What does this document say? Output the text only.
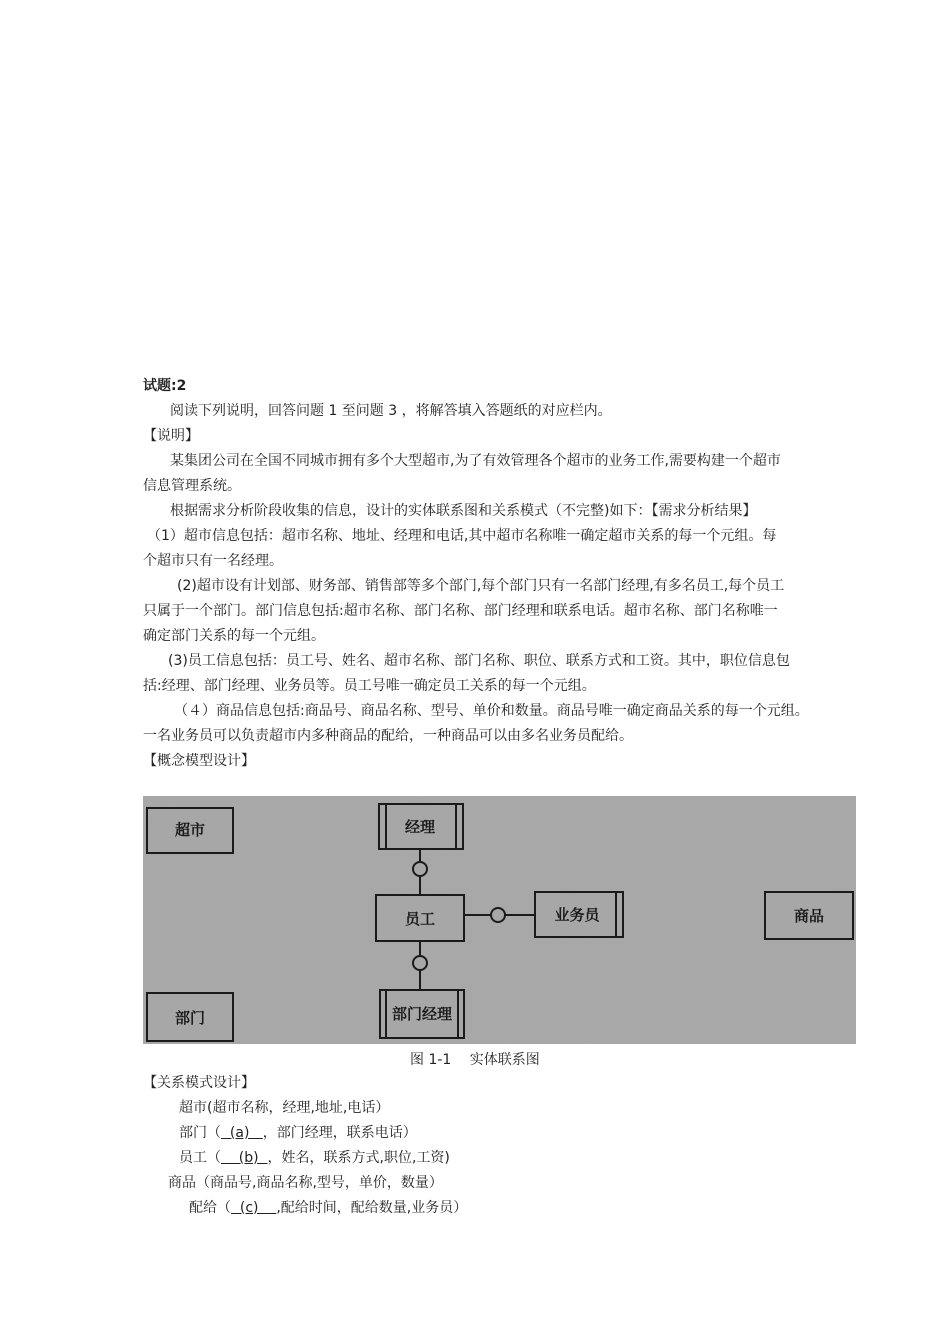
试题:2
阅读下列说明，回答问题 1 至问题 3 ，将解答填入答题纸的对应栏内。
【说明】
某集团公司在全国不同城市拥有多个大型超市,为了有效管理各个超市的业务工作,需要构建一个超市
信息管理系统。
根据需求分析阶段收集的信息，设计的实体联系图和关系模式（不完整)如下：【需求分析结果】
（1）超市信息包括：超市名称、地址、经理和电话,其中超市名称唯一确定超市关系的每一个元组。每
个超市只有一名经理。
(2)超市设有计划部、财务部、销售部等多个部门,每个部门只有一名部门经理,有多名员工,每个员工
只属于一个部门。部门信息包括:超市名称、部门名称、部门经理和联系电话。超市名称、部门名称唯一
确定部门关系的每一个元组。
(3)员工信息包括：员工号、姓名、超市名称、部门名称、职位、联系方式和工资。其中，职位信息包
括:经理、部门经理、业务员等。员工号唯一确定员工关系的每一个元组。
（４）商品信息包括:商品号、商品名称、型号、单价和数量。商品号唯一确定商品关系的每一个元组。
一名业务员可以负责超市内多种商品的配给，一种商品可以由多名业务员配给。
【概念模型设计】
超市	经理
员工	业务员	商品
部门	部门经理
图 1-1　 实体联系图
【关系模式设计】
超市(超市名称，经理,地址,电话）
部门（  (a)   ，部门经理，联系电话）
员工（    (b)  ，姓名，联系方式,职位,工资)
商品（商品号,商品名称,型号，单价，数量）
配给（  (c)    ,配给时间，配给数量,业务员）
